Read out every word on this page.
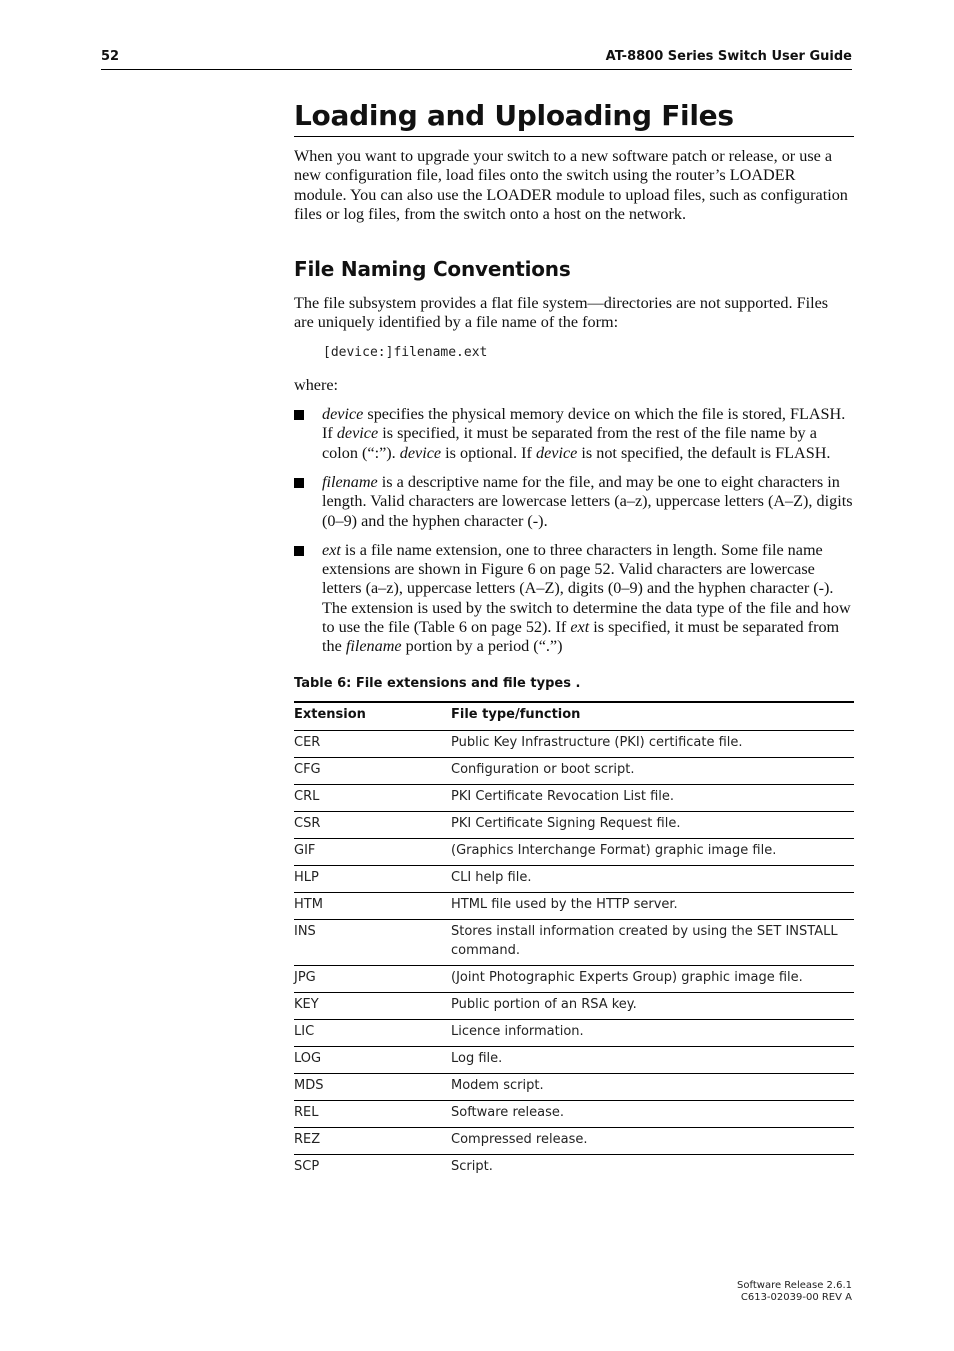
52	AT-8800 Series Switch User Guide
Loading and Uploading Files

When you want to upgrade your switch to a new software patch or release, or use a new configuration file, load files onto the switch using the router’s LOADER module. You can also use the LOADER module to upload files, such as configuration files or log files, from the switch onto a host on the network.

File Naming Conventions

The file subsystem provides a flat file system—directories are not supported. Files are uniquely identified by a file name of the form:

[device:]filename.ext

where:

device specifies the physical memory device on which the file is stored, FLASH. If device is specified, it must be separated from the rest of the file name by a colon (“:”). device is optional. If device is not specified, the default is FLASH.

filename is a descriptive name for the file, and may be one to eight characters in length. Valid characters are lowercase letters (a–z), uppercase letters (A–Z), digits (0–9) and the hyphen character (-).

ext is a file name extension, one to three characters in length. Some file name extensions are shown in Figure 6 on page 52. Valid characters are lowercase letters (a–z), uppercase letters (A–Z), digits (0–9) and the hyphen character (-). The extension is used by the switch to determine the data type of the file and how to use the file (Table 6 on page 52). If ext is specified, it must be separated from the filename portion by a period (“.”)

Table 6: File extensions and file types .
Extension	File type/function
CER	Public Key Infrastructure (PKI) certificate file.
CFG	Configuration or boot script.
CRL	PKI Certificate Revocation List file.
CSR	PKI Certificate Signing Request file.
GIF	(Graphics Interchange Format) graphic image file.
HLP	CLI help file.
HTM	HTML file used by the HTTP server.
INS	Stores install information created by using the SET INSTALL command.
JPG	(Joint Photographic Experts Group) graphic image file.
KEY	Public portion of an RSA key.
LIC	Licence information.
LOG	Log file.
MDS	Modem script.
REL	Software release.
REZ	Compressed release.
SCP	Script.
Software Release 2.6.1
C613-02039-00 REV A
